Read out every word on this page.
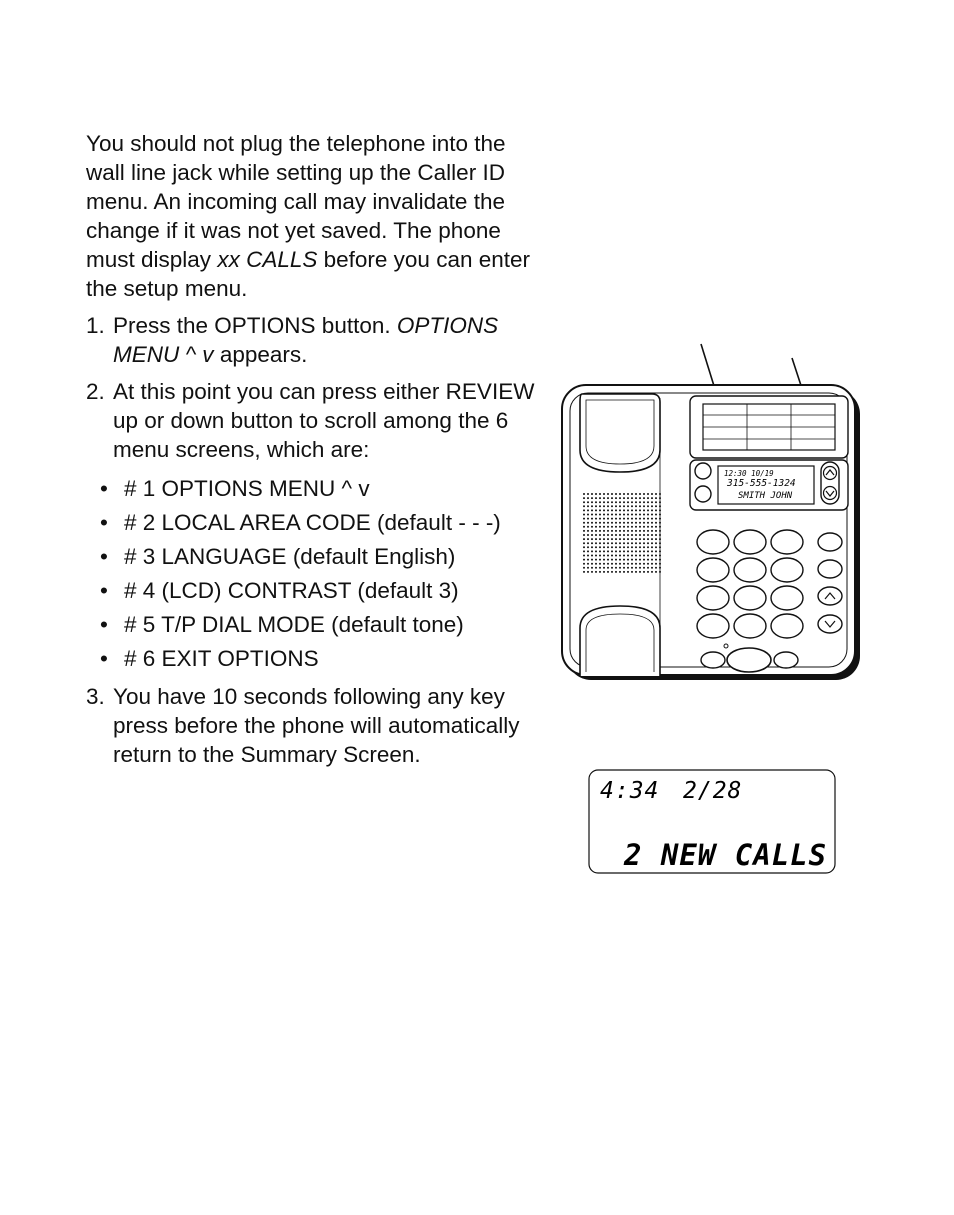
You should not plug the telephone into the wall line jack while setting up the Caller ID menu. An incoming call may invalidate the change if it was not yet saved. The phone must display xx CALLS before you can enter the setup menu.

1. Press the OPTIONS button. OPTIONS MENU ^ v appears.
2. At this point you can press either REVIEW up or down button to scroll among the 6 menu screens, which are:
• # 1 OPTIONS MENU ^ v
• # 2 LOCAL AREA CODE (default - - -)
• # 3 LANGUAGE (default English)
• # 4 (LCD) CONTRAST (default 3)
• # 5 T/P DIAL MODE (default tone)
• # 6 EXIT OPTIONS
3. You have 10 seconds following any key press before the phone will automatically return to the Summary Screen.
12:30 10/19
315-555-1324
SMITH JOHN
4:34 2/28
2 NEW CALLS
